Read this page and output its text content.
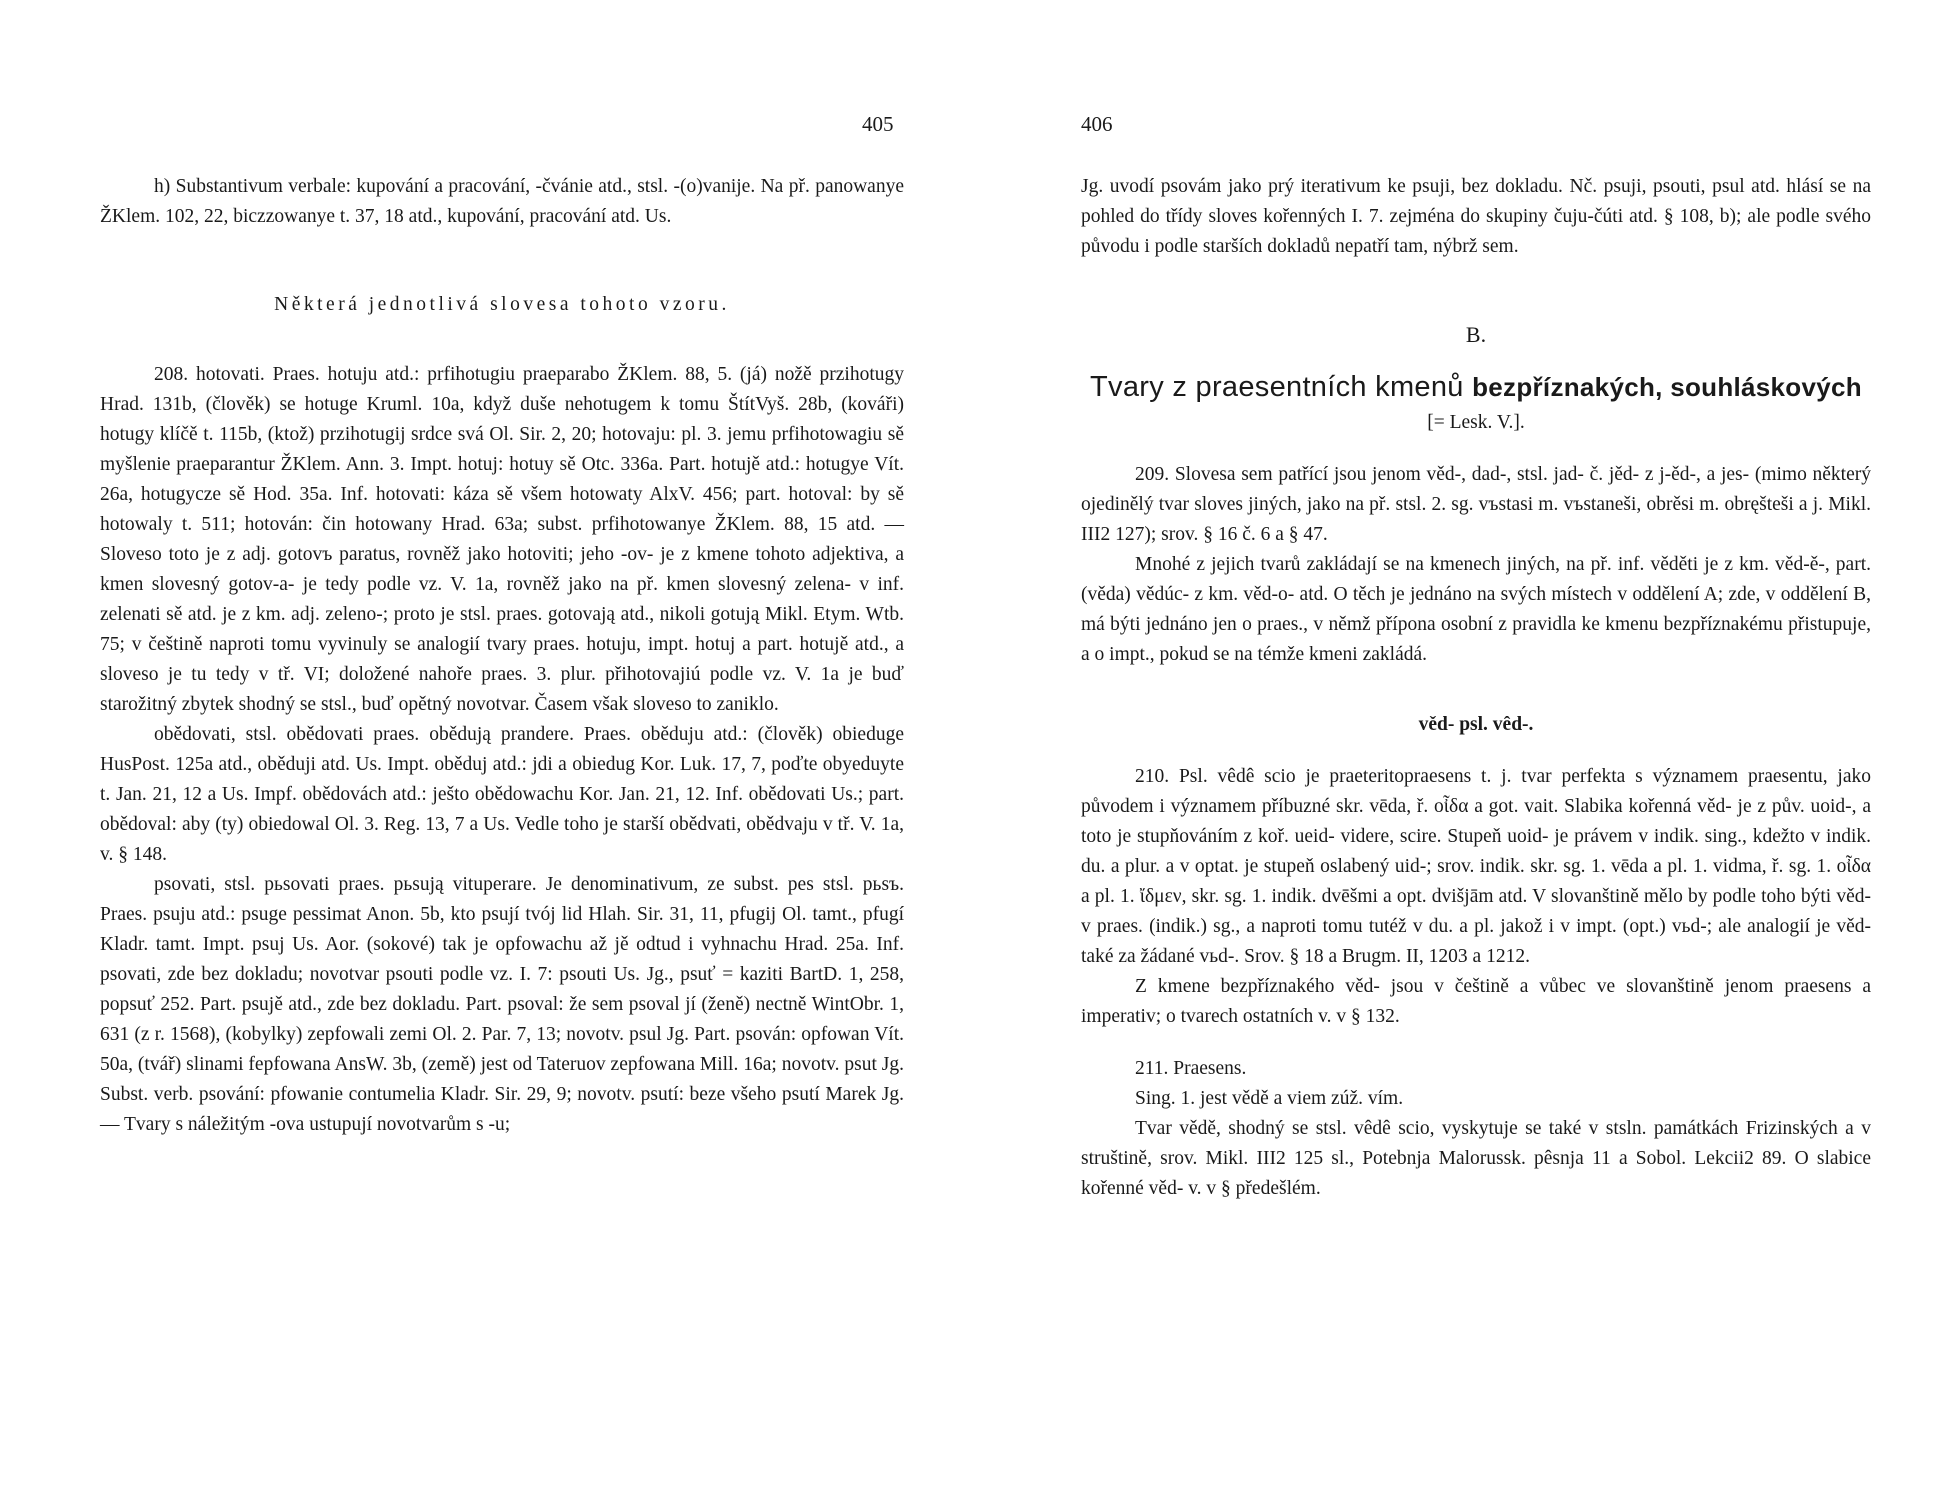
405

h) Substantivum verbale: kupování a pracování, -čvánie atd., stsl. -(o)vanije. Na př. panowanye ŽKlem. 102, 22, biczzowanye t. 37, 18 atd., kupování, pracování atd. Us.

Některá jednotlivá slovesa tohoto vzoru.

208. hotovati. Praes. hotuju atd.: prfihotugiu praeparabo ŽKlem. 88, 5. (já) nožě przihotugy Hrad. 131b, (člověk) se hotuge Kruml. 10a, když duše nehotugem k tomu ŠtítVyš. 28b, (kováři) hotugy klíčě t. 115b, (ktož) przihotugij srdce svá Ol. Sir. 2, 20; hotovaju: pl. 3. jemu prfihotowagiu sě myšlenie praeparantur ŽKlem. Ann. 3. Impt. hotuj: hotuy sě Otc. 336a. Part. hotujě atd.: hotugye Vít. 26a, hotugycze sě Hod. 35a. Inf. hotovati: káza sě všem hotowaty AlxV. 456; part. hotoval: by sě hotowaly t. 511; hotován: čin hotowany Hrad. 63a; subst. prfihotowanye ŽKlem. 88, 15 atd. — Sloveso toto je z adj. gotovъ paratus, rovněž jako hotoviti; jeho -ov- je z kmene tohoto adjektiva, a kmen slovesný gotov-a- je tedy podle vz. V. 1a, rovněž jako na př. kmen slovesný zelena- v inf. zelenati sě atd. je z km. adj. zeleno-; proto je stsl. praes. gotovają atd., nikoli gotują Mikl. Etym. Wtb. 75; v češtině naproti tomu vyvinuly se analogií tvary praes. hotuju, impt. hotuj a part. hotujě atd., a sloveso je tu tedy v tř. VI; doložené nahoře praes. 3. plur. přihotovajiú podle vz. V. 1a je buď starožitný zbytek shodný se stsl., buď opětný novotvar. Časem však sloveso to zaniklo.

obědovati, stsl. obědovati praes. obědują prandere. Praes. oběduju atd.: (člověk) obieduge HusPost. 125a atd., oběduji atd. Us. Impt. oběduj atd.: jdi a obiedug Kor. Luk. 17, 7, poďte obyeduyte t. Jan. 21, 12 a Us. Impf. obědovách atd.: ješto obědowachu Kor. Jan. 21, 12. Inf. obědovati Us.; part. obědoval: aby (ty) obiedowal Ol. 3. Reg. 13, 7 a Us. Vedle toho je starší obědvati, obědvaju v tř. V. 1a, v. § 148.

psovati, stsl. pьsovati praes. pьsują vituperare. Je denominativum, ze subst. pes stsl. pьsъ. Praes. psuju atd.: psuge pessimat Anon. 5b, kto psují tvój lid Hlah. Sir. 31, 11, pfugij Ol. tamt., pfugí Kladr. tamt. Impt. psuj Us. Aor. (sokové) tak je opfowachu až jě odtud i vyhnachu Hrad. 25a. Inf. psovati, zde bez dokladu; novotvar psouti podle vz. I. 7: psouti Us. Jg., psuť = kaziti BartD. 1, 258, popsuť 252. Part. psujě atd., zde bez dokladu. Part. psoval: že sem psoval jí (ženě) nectně WintObr. 1, 631 (z r. 1568), (kobylky) zepfowali zemi Ol. 2. Par. 7, 13; novotv. psul Jg. Part. psován: opfowan Vít. 50a, (tvář) slinami fepfowana AnsW. 3b, (země) jest od Tateruov zepfowana Mill. 16a; novotv. psut Jg. Subst. verb. psování: pfowanie contumelia Kladr. Sir. 29, 9; novotv. psutí: beze všeho psutí Marek Jg. — Tvary s náležitým -ova ustupují novotvarům s -u;

406

Jg. uvodí psovám jako prý iterativum ke psuji, bez dokladu. Nč. psuji, psouti, psul atd. hlásí se na pohled do třídy sloves kořenných I. 7. zejména do skupiny čuju-čúti atd. § 108, b); ale podle svého původu i podle starších dokladů nepatří tam, nýbrž sem.

B.

Tvary z praesentních kmenů bezpříznakých, souhláskových

[= Lesk. V.].

209. Slovesa sem patřící jsou jenom věd-, dad-, stsl. jad- č. jěd- z j-ěd-, a jes- (mimo některý ojedinělý tvar sloves jiných, jako na př. stsl. 2. sg. vъstasi m. vъstaneši, obrěsi m. obręšteši a j. Mikl. III2 127); srov. § 16 č. 6 a § 47.

Mnohé z jejich tvarů zakládají se na kmenech jiných, na př. inf. věděti je z km. věd-ě-, part. (věda) vědúc- z km. věd-o- atd. O těch je jednáno na svých místech v oddělení A; zde, v oddělení B, má býti jednáno jen o praes., v němž přípona osobní z pravidla ke kmenu bezpříznakému přistupuje, a o impt., pokud se na témže kmeni zakládá.

věd- psl. vêd-.

210. Psl. vêdê scio je praeteritopraesens t. j. tvar perfekta s významem praesentu, jako původem i významem příbuzné skr. vēda, ř. οἶδα a got. vait. Slabika kořenná věd- je z pův. uoid-, a toto je stupňováním z koř. ueid- videre, scire. Stupeň uoid- je právem v indik. sing., kdežto v indik. du. a plur. a v optat. je stupeň oslabený uid-; srov. indik. skr. sg. 1. vēda a pl. 1. vidma, ř. sg. 1. οἶδα a pl. 1. ἴδμεν, skr. sg. 1. indik. dvēšmi a opt. dvišjām atd. V slovanštině mělo by podle toho býti věd- v praes. (indik.) sg., a naproti tomu tutéž v du. a pl. jakož i v impt. (opt.) vьd-; ale analogií je věd- také za žádané vьd-. Srov. § 18 a Brugm. II, 1203 a 1212.

Z kmene bezpříznakého věd- jsou v češtině a vůbec ve slovanštině jenom praesens a imperativ; o tvarech ostatních v. v § 132.

211. Praesens.

Sing. 1. jest vědě a viem zúž. vím.

Tvar vědě, shodný se stsl. vêdê scio, vyskytuje se také v stsln. památkách Frizinských a v struštině, srov. Mikl. III2 125 sl., Potebnja Malorussk. pêsnja 11 a Sobol. Lekcii2 89. O slabice kořenné věd- v. v § předešlém.
